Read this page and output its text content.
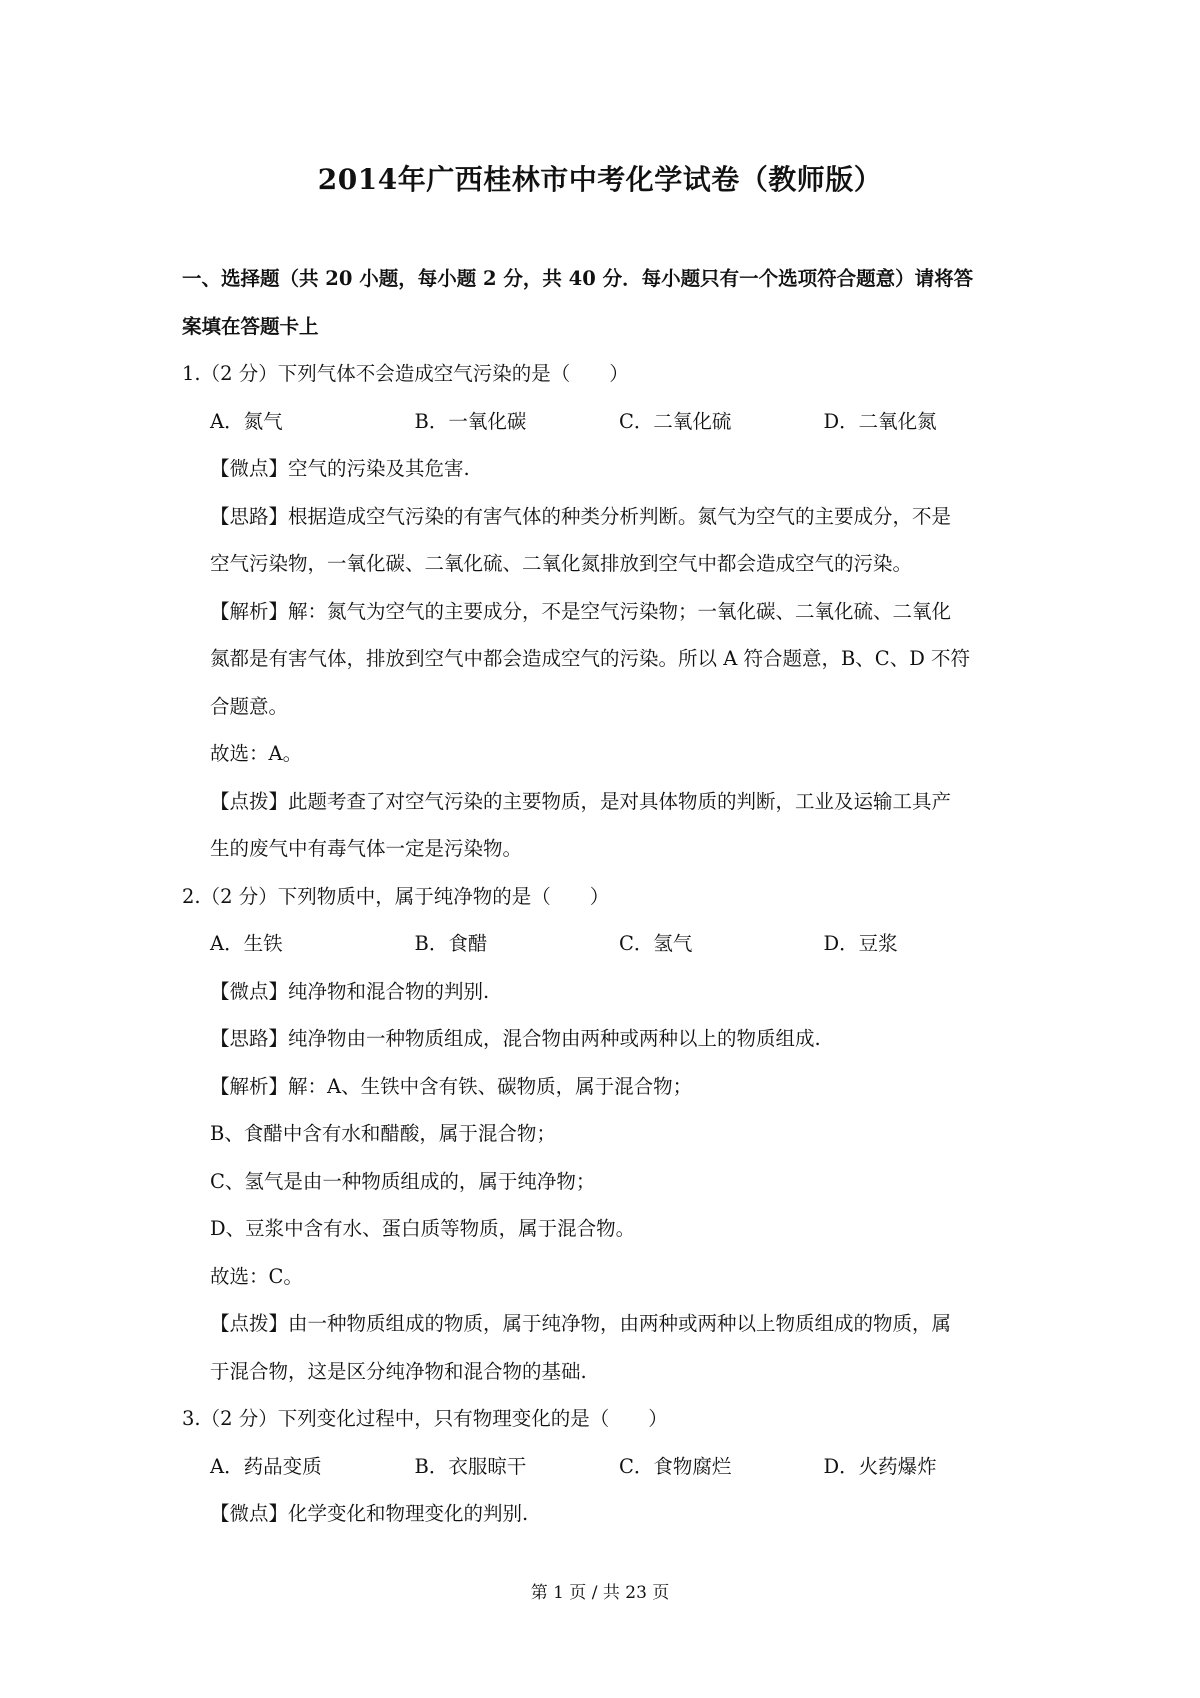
2014年广西桂林市中考化学试卷（教师版）
一、选择题（共 20 小题，每小题 2 分，共 40 分．每小题只有一个选项符合题意）请将答
案填在答题卡上
1.（2 分）下列气体不会造成空气污染的是（　　）
A．氮气	B．一氧化碳	C．二氧化硫	D．二氧化氮
【微点】空气的污染及其危害.
【思路】根据造成空气污染的有害气体的种类分析判断。氮气为空气的主要成分，不是
空气污染物，一氧化碳、二氧化硫、二氧化氮排放到空气中都会造成空气的污染。
【解析】解：氮气为空气的主要成分，不是空气污染物；一氧化碳、二氧化硫、二氧化
氮都是有害气体，排放到空气中都会造成空气的污染。所以 A 符合题意，B、C、D 不符
合题意。
故选：A。
【点拨】此题考查了对空气污染的主要物质，是对具体物质的判断，工业及运输工具产
生的废气中有毒气体一定是污染物。
2.（2 分）下列物质中，属于纯净物的是（　　）
A．生铁	B．食醋	C．氢气	D．豆浆
【微点】纯净物和混合物的判别.
【思路】纯净物由一种物质组成，混合物由两种或两种以上的物质组成.
【解析】解：A、生铁中含有铁、碳物质，属于混合物；
B、食醋中含有水和醋酸，属于混合物；
C、氢气是由一种物质组成的，属于纯净物；
D、豆浆中含有水、蛋白质等物质，属于混合物。
故选：C。
【点拨】由一种物质组成的物质，属于纯净物，由两种或两种以上物质组成的物质，属
于混合物，这是区分纯净物和混合物的基础.
3.（2 分）下列变化过程中，只有物理变化的是（　　）
A．药品变质	B．衣服晾干	C．食物腐烂	D．火药爆炸
【微点】化学变化和物理变化的判别.
第 1 页 / 共 23 页
